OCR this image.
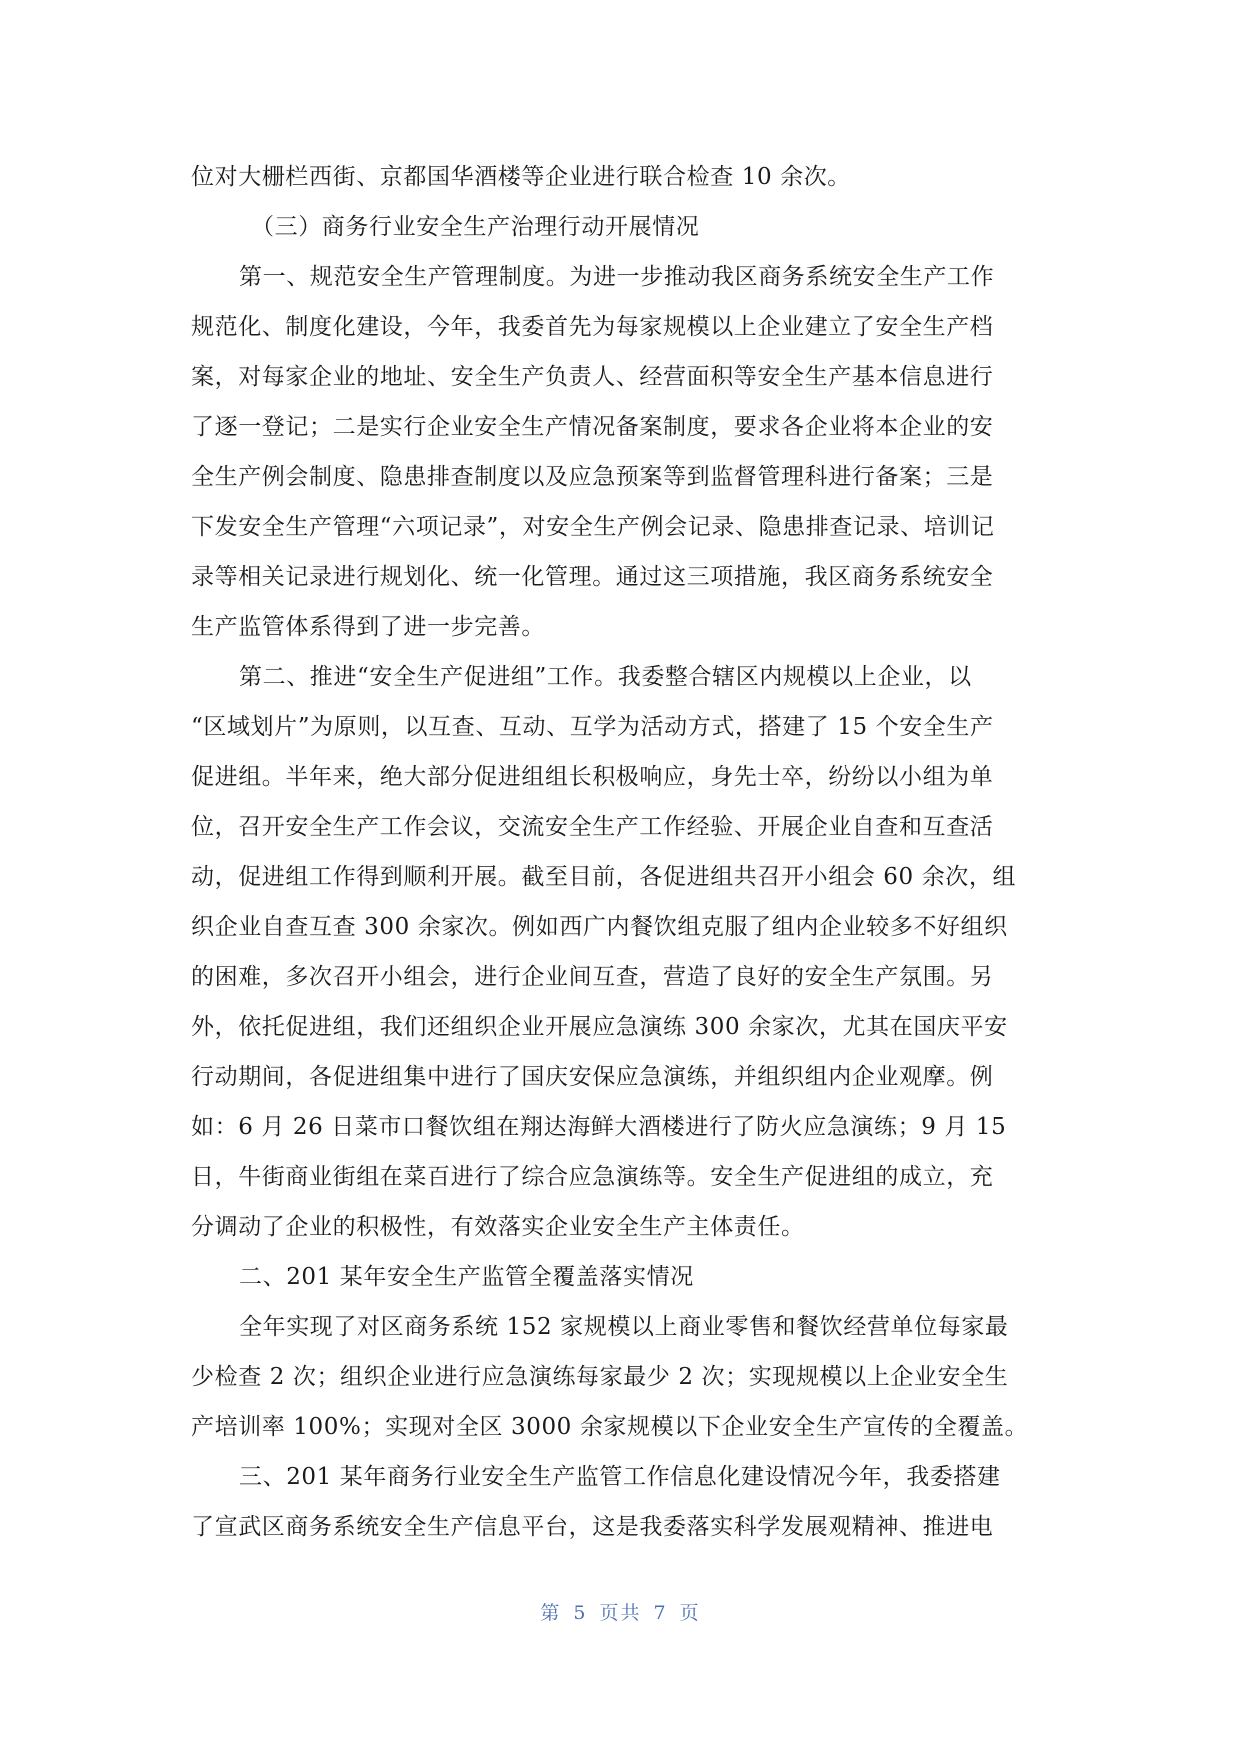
位对大栅栏西街、京都国华酒楼等企业进行联合检查 10 余次。
（三）商务行业安全生产治理行动开展情况
第一、规范安全生产管理制度。为进一步推动我区商务系统安全生产工作
规范化、制度化建设，今年，我委首先为每家规模以上企业建立了安全生产档
案，对每家企业的地址、安全生产负责人、经营面积等安全生产基本信息进行
了逐一登记；二是实行企业安全生产情况备案制度，要求各企业将本企业的安
全生产例会制度、隐患排查制度以及应急预案等到监督管理科进行备案；三是
下发安全生产管理“六项记录”，对安全生产例会记录、隐患排查记录、培训记
录等相关记录进行规划化、统一化管理。通过这三项措施，我区商务系统安全
生产监管体系得到了进一步完善。
第二、推进“安全生产促进组”工作。我委整合辖区内规模以上企业，以
“区域划片”为原则，以互查、互动、互学为活动方式，搭建了 15 个安全生产
促进组。半年来，绝大部分促进组组长积极响应，身先士卒，纷纷以小组为单
位，召开安全生产工作会议，交流安全生产工作经验、开展企业自查和互查活
动，促进组工作得到顺利开展。截至目前，各促进组共召开小组会 60 余次，组
织企业自查互查 300 余家次。例如西广内餐饮组克服了组内企业较多不好组织
的困难，多次召开小组会，进行企业间互查，营造了良好的安全生产氛围。另
外，依托促进组，我们还组织企业开展应急演练 300 余家次，尤其在国庆平安
行动期间，各促进组集中进行了国庆安保应急演练，并组织组内企业观摩。例
如：6 月 26 日菜市口餐饮组在翔达海鲜大酒楼进行了防火应急演练；9 月 15
日，牛街商业街组在菜百进行了综合应急演练等。安全生产促进组的成立，充
分调动了企业的积极性，有效落实企业安全生产主体责任。
二、201 某年安全生产监管全覆盖落实情况
全年实现了对区商务系统 152 家规模以上商业零售和餐饮经营单位每家最
少检查 2 次；组织企业进行应急演练每家最少 2 次；实现规模以上企业安全生
产培训率 100%；实现对全区 3000 余家规模以下企业安全生产宣传的全覆盖。
三、201 某年商务行业安全生产监管工作信息化建设情况今年，我委搭建
了宣武区商务系统安全生产信息平台，这是我委落实科学发展观精神、推进电
第 5 页共 7 页
